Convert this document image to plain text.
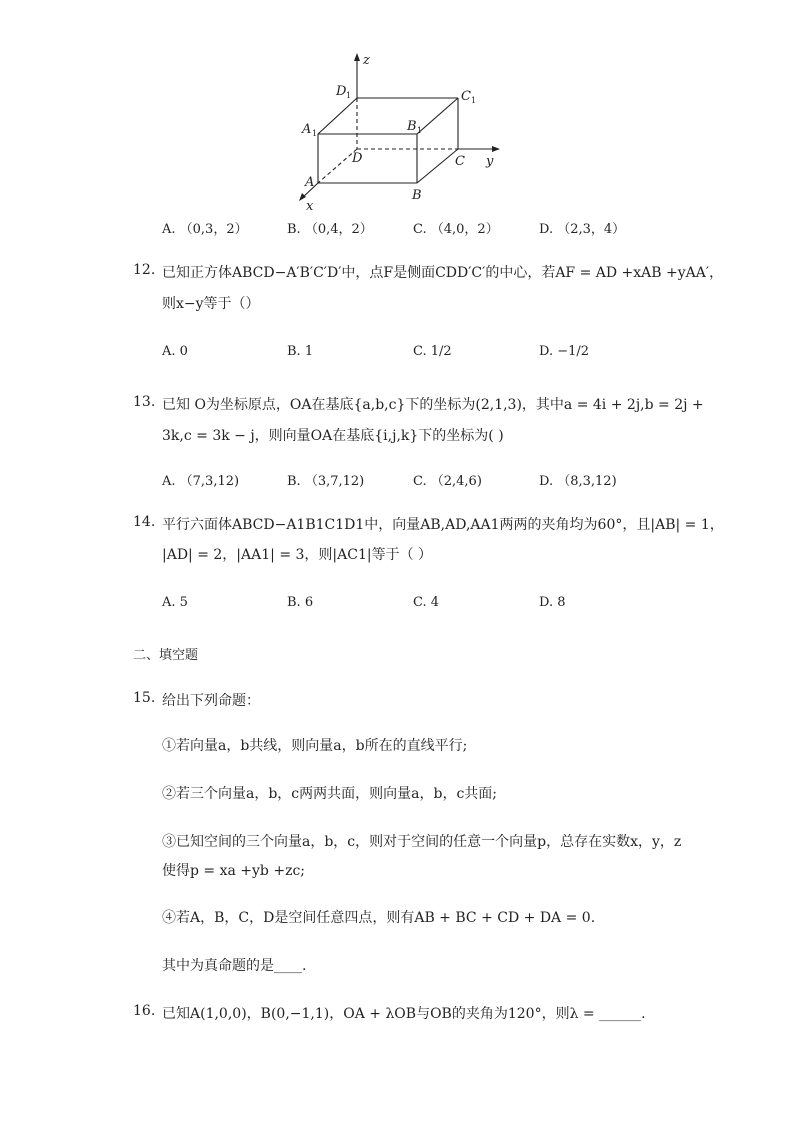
z
y
x
D 1	C 1
A 1	B 1
D	C
A
B
A. （0,3，2）	B. （0,4，2）	C. （4,0，2）	D. （2,3，4）
12. 已知正方体ABCD−A′B′C′D′中，点F是侧面CDD′C′的中心，若AF = AD +xAB +yAA′，
则x−y等于（）
A. 0	B. 1	C. 1/2	D. −1/2
13. 已知 O为坐标原点，OA在基底{a,b,c}下的坐标为(2,1,3)，其中a = 4i + 2j,b = 2j +
3k,c = 3k − j，则向量OA在基底{i,j,k}下的坐标为( )
A. （7,3,12)	B. （3,7,12)	C. （2,4,6)	D. （8,3,12)
14. 平行六面体ABCD−A1B1C1D1中，向量AB,AD,AA1两两的夹角均为60°，且|AB| = 1，
|AD| = 2，|AA1| = 3，则|AC1|等于（ ）
A. 5	B. 6	C. 4	D. 8
二、填空题
15. 给出下列命题：
①若向量a，b共线，则向量a，b所在的直线平行;
②若三个向量a，b，c两两共面，则向量a，b，c共面;
③已知空间的三个向量a，b，c，则对于空间的任意一个向量p，总存在实数x，y，z
使得p = xa +yb +zc;
④若A，B，C，D是空间任意四点，则有AB + BC + CD + DA = 0.
其中为真命题的是____.
16. 已知A(1,0,0)，B(0,−1,1)，OA + λOB与OB的夹角为120°，则λ = ______.
